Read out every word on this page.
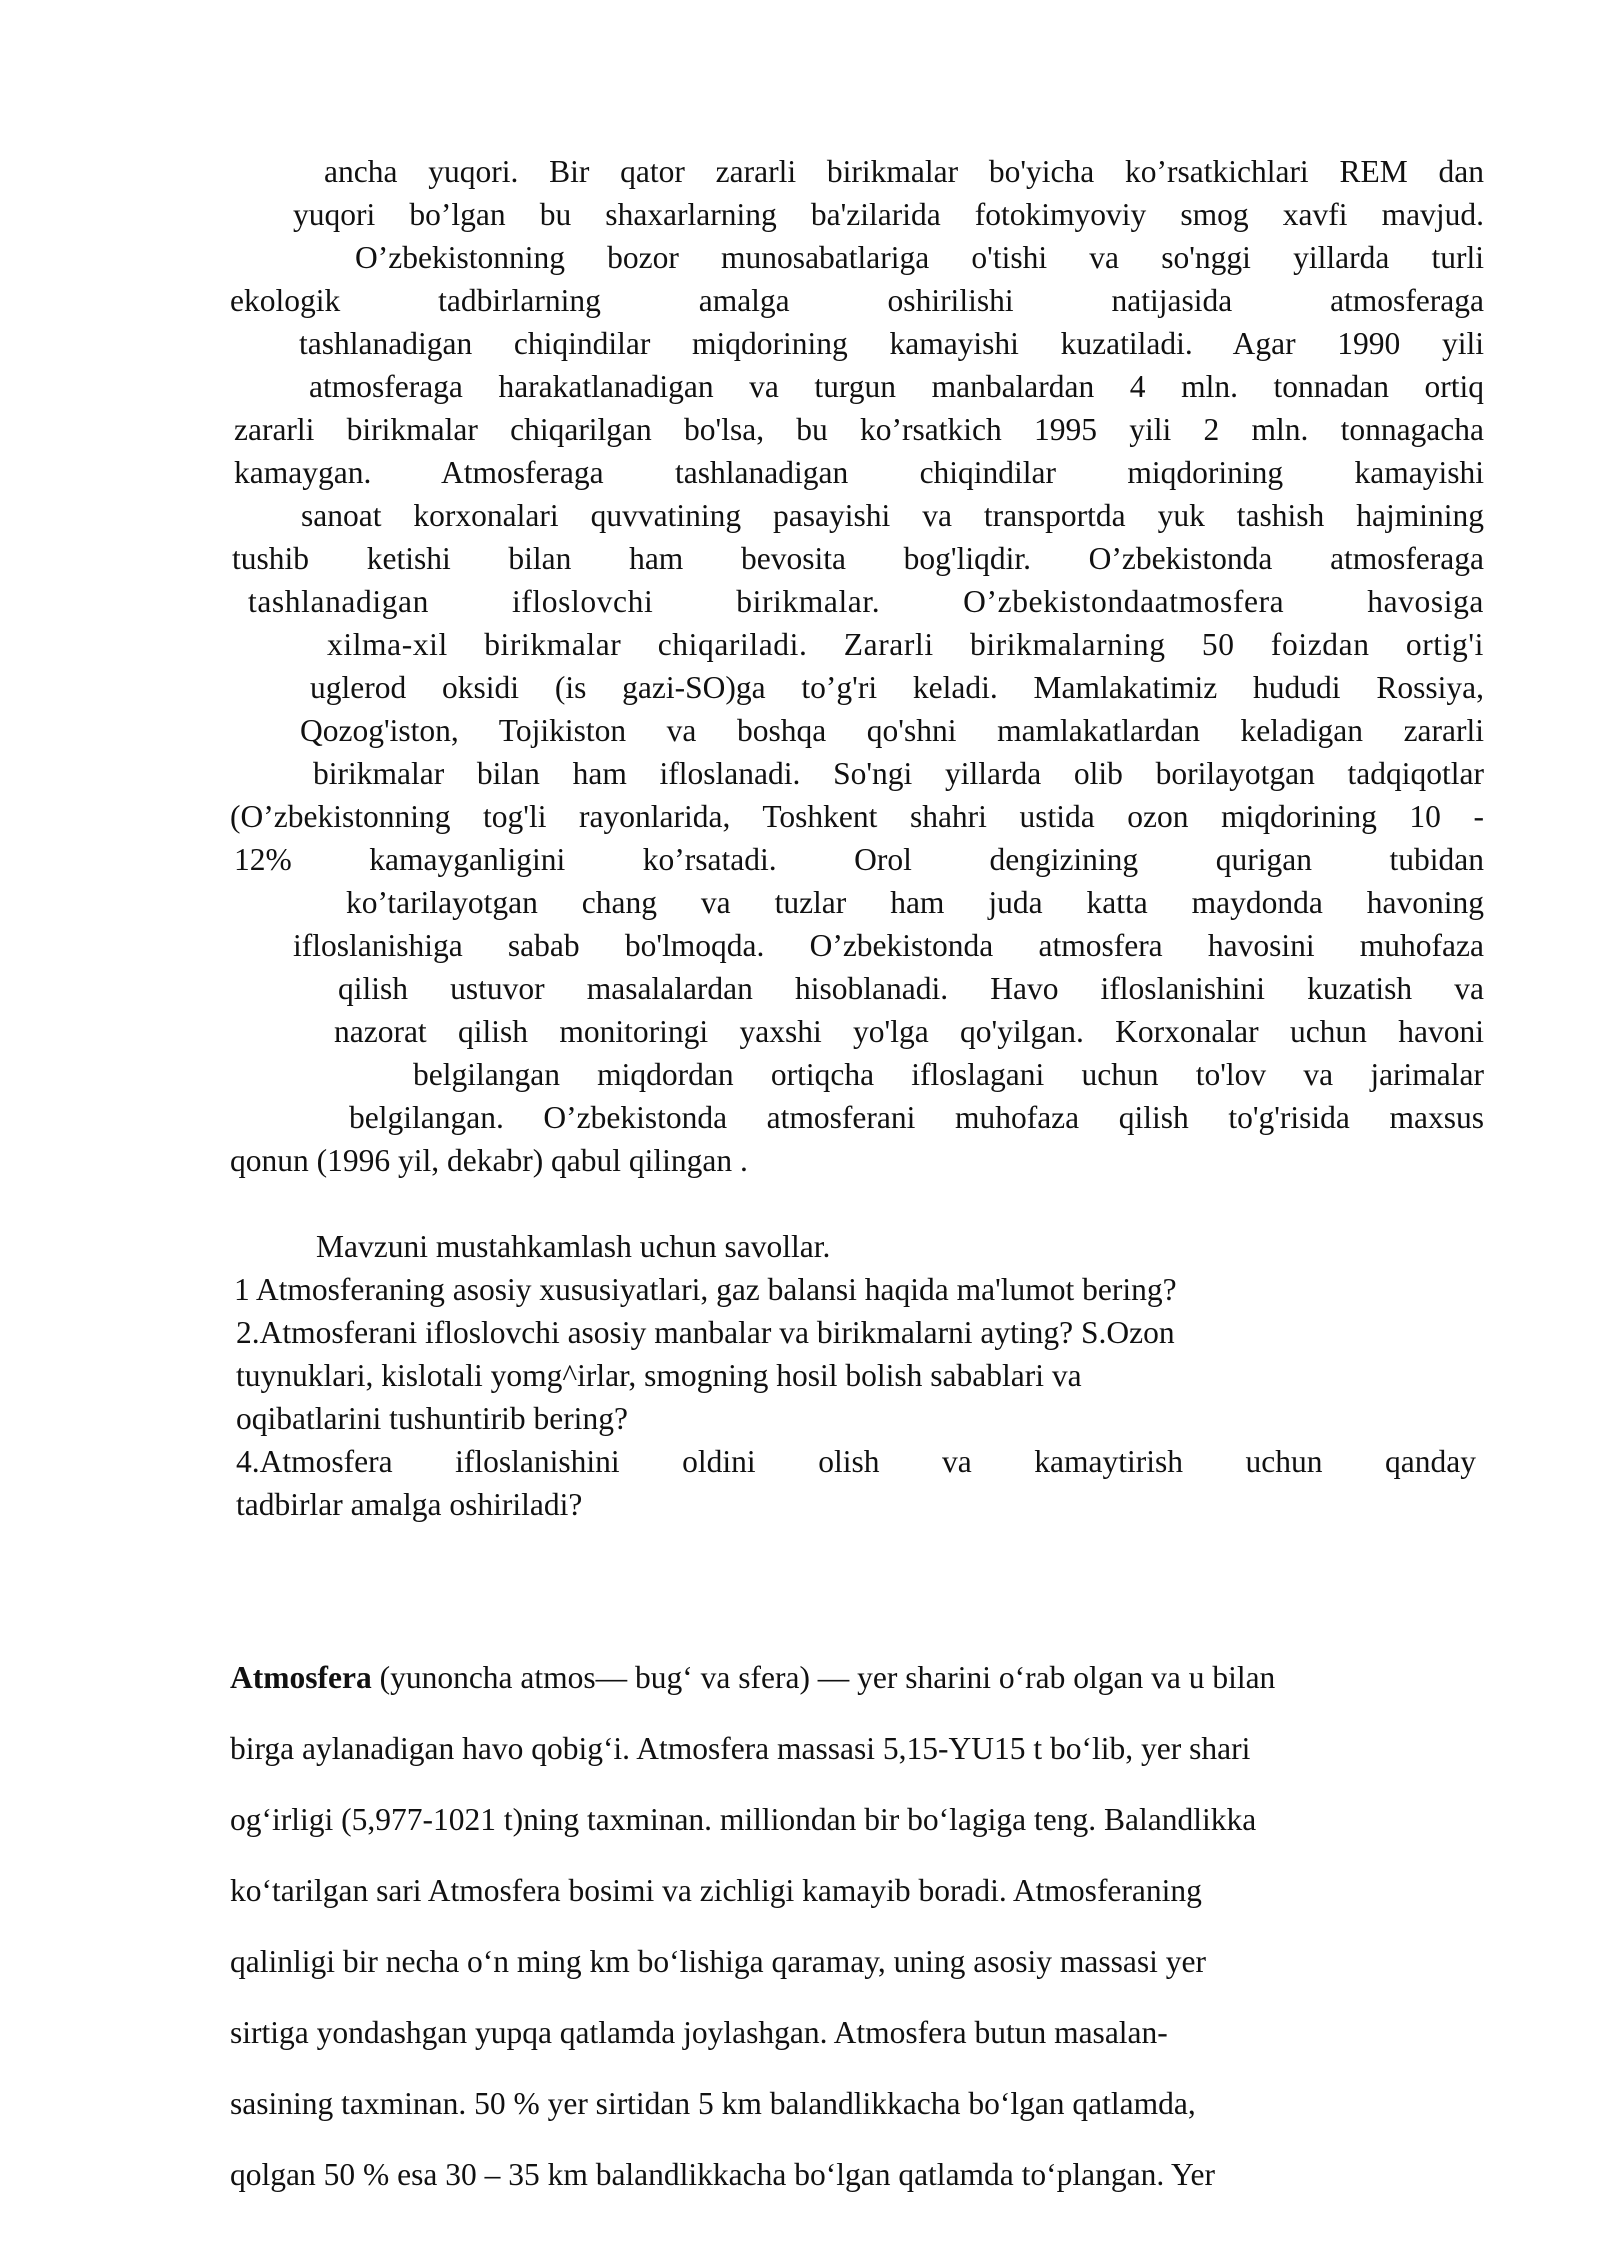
ancha yuqori. Bir qator zararli birikmalar bo'yicha ko’rsatkichlari REM dan
yuqori bo’lgan bu shaxarlarning ba'zilarida fotokimyoviy smog xavfi mavjud.
O’zbekistonning bozor munosabatlariga o'tishi va so'nggi yillarda turli
ekologik tadbirlarning amalga oshirilishi natijasida atmosferaga
tashlanadigan chiqindilar miqdorining kamayishi kuzatiladi. Agar 1990 yili
atmosferaga harakatlanadigan va turgun manbalardan 4 mln. tonnadan ortiq
zararli birikmalar chiqarilgan bo'lsa, bu ko’rsatkich 1995 yili 2 mln. tonnagacha
kamaygan. Atmosferaga tashlanadigan chiqindilar miqdorining kamayishi
sanoat korxonalari quvvatining pasayishi va transportda yuk tashish hajmining
tushib ketishi bilan ham bevosita bog'liqdir. O’zbekistonda atmosferaga
tashlanadigan ifloslovchi birikmalar. O’zbekistondaatmosfera havosiga
xilma-xil birikmalar chiqariladi. Zararli birikmalarning 50 foizdan ortig'i
uglerod oksidi (is gazi-SO)ga to’g'ri keladi. Mamlakatimiz hududi Rossiya,
Qozog'iston, Tojikiston va boshqa qo'shni mamlakatlardan keladigan zararli
birikmalar bilan ham ifloslanadi. So'ngi yillarda olib borilayotgan tadqiqotlar
(O’zbekistonning tog'li rayonlarida, Toshkent shahri ustida ozon miqdorining 10 -
12% kamayganligini ko’rsatadi. Orol dengizining qurigan tubidan
ko’tarilayotgan chang va tuzlar ham juda katta maydonda havoning
ifloslanishiga sabab bo'lmoqda. O’zbekistonda atmosfera havosini muhofaza
qilish ustuvor masalalardan hisoblanadi. Havo ifloslanishini kuzatish va
nazorat qilish monitoringi yaxshi yo'lga qo'yilgan. Korxonalar uchun havoni
belgilangan miqdordan ortiqcha ifloslagani uchun to'lov va jarimalar
belgilangan. O’zbekistonda atmosferani muhofaza qilish to'g'risida maxsus
qonun (1996 yil, dekabr) qabul qilingan .
Mavzuni mustahkamlash uchun savollar.
1 Atmosferaning asosiy xususiyatlari, gaz balansi haqida ma'lumot bering?
2.Atmosferani ifloslovchi asosiy manbalar va birikmalarni ayting? S.Ozon
tuynuklari, kislotali yomg^irlar, smogning hosil bolish sabablari va
oqibatlarini tushuntirib bering?
4.Atmosfera ifloslanishini oldini olish va kamaytirish uchun qanday
tadbirlar amalga oshiriladi?
Atmosfera (yunoncha atmos— bugʻ va sfera) — yer sharini oʻrab olgan va u bilan
birga aylanadigan havo qobigʻi. Atmosfera massasi 5,15-YU15 t boʻlib, yer shari
ogʻirligi (5,977-1021 t)ning taxminan. milliondan bir boʻlagiga teng. Balandlikka
koʻtarilgan sari Atmosfera bosimi va zichligi kamayib boradi. Atmosferaning
qalinligi bir necha oʻn ming km boʻlishiga qaramay, uning asosiy massasi yer
sirtiga yondashgan yupqa qatlamda joylashgan. Atmosfera butun masalan-
sasining taxminan. 50 % yer sirtidan 5 km balandlikkacha boʻlgan qatlamda,
qolgan 50 % esa 30 – 35 km balandlikkacha boʻlgan qatlamda toʻplangan. Yer
